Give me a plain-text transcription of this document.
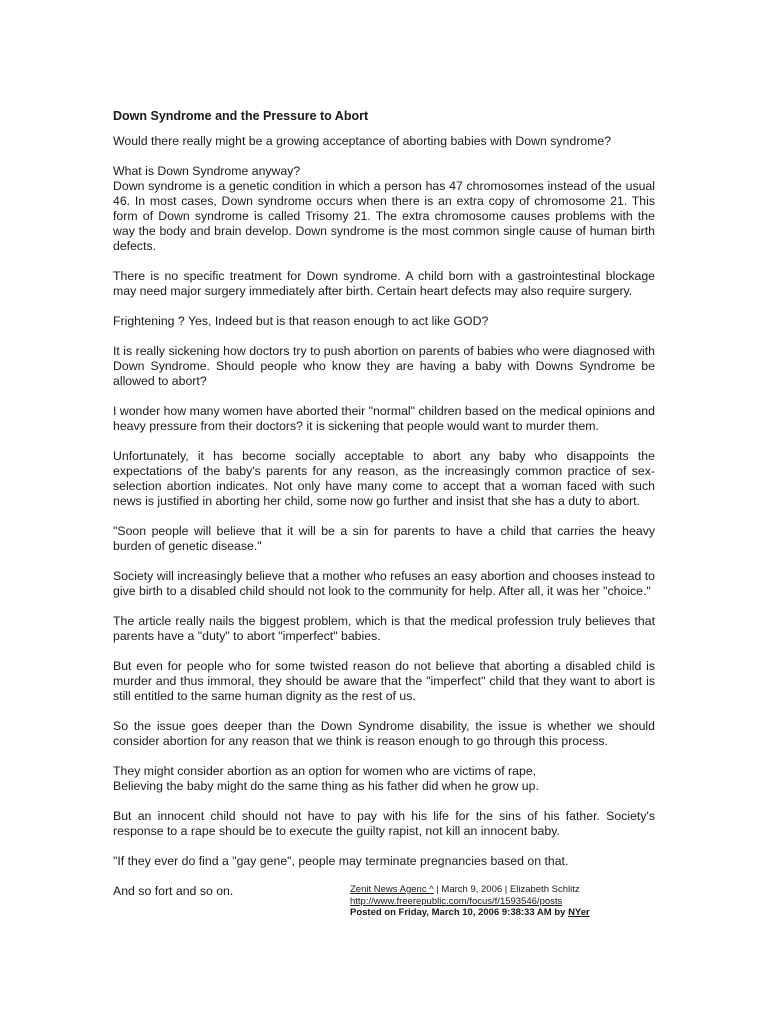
Down Syndrome and the Pressure to Abort
Would there really might be a growing acceptance of aborting babies with Down syndrome?
What is Down Syndrome anyway?
Down syndrome is a genetic condition in which a person has 47 chromosomes instead of the usual 46. In most cases, Down syndrome occurs when there is an extra copy of chromosome 21. This form of Down syndrome is called Trisomy 21. The extra chromosome causes problems with the way the body and brain develop. Down syndrome is the most common single cause of human birth defects.
There is no specific treatment for Down syndrome. A child born with a gastrointestinal blockage may need major surgery immediately after birth. Certain heart defects may also require surgery.
Frightening ? Yes, Indeed but is that reason enough to act like GOD?
It is really sickening how doctors try to push abortion on parents of babies who were diagnosed with Down Syndrome. Should people who know they are having a baby with Downs Syndrome be allowed to abort?
I wonder how many women have aborted their "normal" children based on the medical opinions and heavy pressure from their doctors? it is sickening that people would want to murder them.
Unfortunately, it has become socially acceptable to abort any baby who disappoints the expectations of the baby's parents for any reason, as the increasingly common practice of sex-selection abortion indicates. Not only have many come to accept that a woman faced with such news is justified in aborting her child, some now go further and insist that she has a duty to abort.
"Soon people will believe that it will be a sin for parents to have a child that carries the heavy burden of genetic disease."
Society will increasingly believe that a mother who refuses an easy abortion and chooses instead to give birth to a disabled child should not look to the community for help. After all, it was her "choice."
The article really nails the biggest problem, which is that the medical profession truly believes that parents have a "duty" to abort "imperfect" babies.
But even for people who for some twisted reason do not believe that aborting a disabled child is murder and thus immoral, they should be aware that the "imperfect" child that they want to abort is still entitled to the same human dignity as the rest of us.
So the issue goes deeper than the Down Syndrome disability, the issue is whether we should consider abortion for any reason that we think is reason enough to go through this process.
They might consider abortion as an option for women who are victims of rape,
Believing the baby might do the same thing as his father did when he grow up.
But an innocent child should not have to pay with his life for the sins of his father. Society's response to a rape should be to execute the guilty rapist, not kill an innocent baby.
"If they ever do find a "gay gene", people may terminate pregnancies based on that.

And so fort and so on.	Zenit News Agenc ^ | March 9, 2006 | Elizabeth Schlitz
http://www.freerepublic.com/focus/f/1593546/posts
Posted on Friday, March 10, 2006 9:38:33 AM by NYer
